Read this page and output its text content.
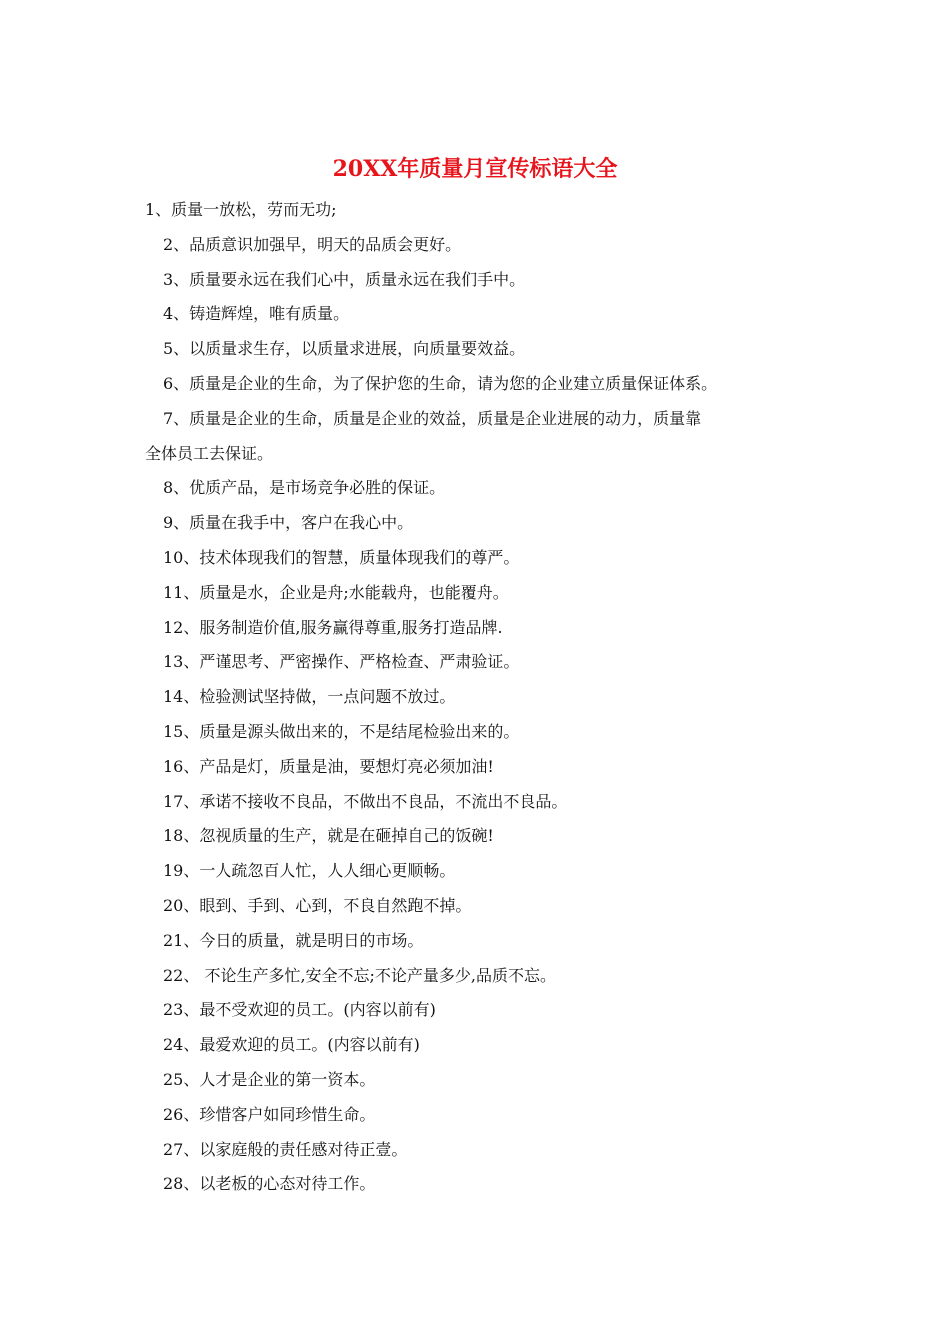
20XX年质量月宣传标语大全
1、质量一放松，劳而无功;
2、品质意识加强早，明天的品质会更好。
3、质量要永远在我们心中，质量永远在我们手中。
4、铸造辉煌，唯有质量。
5、以质量求生存，以质量求进展，向质量要效益。
6、质量是企业的生命，为了保护您的生命，请为您的企业建立质量保证体系。
7、质量是企业的生命，质量是企业的效益，质量是企业进展的动力，质量靠
全体员工去保证。
8、优质产品，是市场竞争必胜的保证。
9、质量在我手中，客户在我心中。
10、技术体现我们的智慧，质量体现我们的尊严。
11、质量是水，企业是舟;水能载舟，也能覆舟。
12、服务制造价值,服务赢得尊重,服务打造品牌.
13、严谨思考、严密操作、严格检查、严肃验证。
14、检验测试坚持做，一点问题不放过。
15、质量是源头做出来的，不是结尾检验出来的。
16、产品是灯，质量是油，要想灯亮必须加油!
17、承诺不接收不良品，不做出不良品，不流出不良品。
18、忽视质量的生产，就是在砸掉自己的饭碗!
19、一人疏忽百人忙，人人细心更顺畅。
20、眼到、手到、心到，不良自然跑不掉。
21、今日的质量，就是明日的市场。
22、 不论生产多忙,安全不忘;不论产量多少,品质不忘。
23、最不受欢迎的员工。(内容以前有)
24、最爱欢迎的员工。(内容以前有)
25、人才是企业的第一资本。
26、珍惜客户如同珍惜生命。
27、以家庭般的责任感对待正壹。
28、以老板的心态对待工作。
